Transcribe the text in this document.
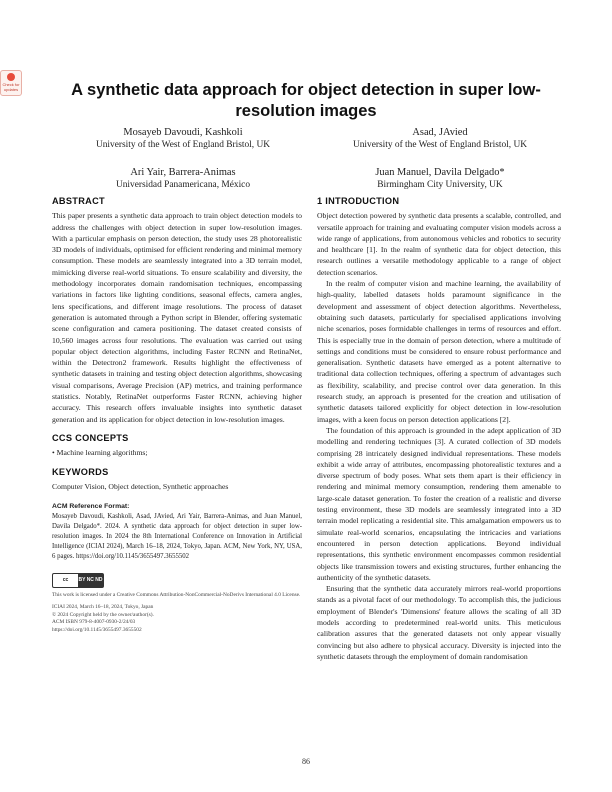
Check for updates	A synthetic data approach for object detection in super low-resolution images
Mosayeb Davoudi, Kashkoli
University of the West of England Bristol, UK
Asad, JAvied
University of the West of England Bristol, UK
Ari Yair, Barrera-Animas
Universidad Panamericana, México
Juan Manuel, Davila Delgado*
Birmingham City University, UK
ABSTRACT

This paper presents a synthetic data approach to train object detection models to address the challenges with object detection in super low-resolution images. With a particular emphasis on person detection, the study uses 28 photorealistic 3D models of individuals, optimised for efficient rendering and minimal memory consumption. These models are seamlessly integrated into a 3D terrain model, mimicking diverse real-world situations. To ensure scalability and diversity, the methodology incorporates domain randomisation techniques, encompassing variations in factors like lighting conditions, seasonal effects, camera angles, lens specifications, and different image resolutions. The process of dataset generation is automated through a Python script in Blender, offering systematic scene configuration and camera positioning. The dataset created consists of 10,560 images across four resolutions. The evaluation was carried out using popular object detection algorithms, including Faster RCNN and RetinaNet, within the Detectron2 framework. Results highlight the effectiveness of synthetic datasets in training and testing object detection algorithms, showcasing visual comparisons, Average Precision (AP) metrics, and training performance statistics. Notably, RetinaNet outperforms Faster RCNN, achieving higher accuracy. This research offers invaluable insights into synthetic dataset generation and its application for object detection in low-resolution images.

CCS CONCEPTS

• Machine learning algorithms;

KEYWORDS

Computer Vision, Object detection, Synthetic approaches

ACM Reference Format:

Mosayeb Davoudi, Kashkoli, Asad, JAvied, Ari Yair, Barrera-Animas, and Juan Manuel, Davila Delgado*. 2024. A synthetic data approach for object detection in super low-resolution images. In 2024 the 8th International Conference on Innovation in Artificial Intelligence (ICIAI 2024), March 16–18, 2024, Tokyo, Japan. ACM, New York, NY, USA, 6 pages. https://doi.org/10.1145/3655497.3655502

cc	BY NC ND

This work is licensed under a Creative Commons Attribution-NonCommercial-NoDerivs International 4.0 License.

ICIAI 2024, March 16–18, 2024, Tokyo, Japan

© 2024 Copyright held by the owner/author(s).

ACM ISBN 979-8-4007-0930-2/24/03

https://doi.org/10.1145/3655497.3655502

1 INTRODUCTION

Object detection powered by synthetic data presents a scalable, controlled, and versatile approach for training and evaluating computer vision models across a wide range of applications, from autonomous vehicles and robotics to security and healthcare [1]. In the realm of synthetic data for object detection, this research outlines a versatile methodology applicable to a range of object detection scenarios.

In the realm of computer vision and machine learning, the availability of high-quality, labelled datasets holds paramount significance in the development and assessment of object detection algorithms. Nevertheless, obtaining such datasets, particularly for specialised applications involving niche scenarios, poses formidable challenges in terms of resources and effort. This is especially true in the domain of person detection, where a multitude of settings and conditions must be considered to ensure robust performance and generalisation. Synthetic datasets have emerged as a potent alternative to traditional data collection techniques, offering a spectrum of advantages such as flexibility, scalability, and precise control over data generation. In this research study, an approach is presented for the creation and utilisation of synthetic datasets tailored explicitly for object detection in low-resolution images, with a keen focus on person detection applications [2].

The foundation of this approach is grounded in the adept application of 3D modelling and rendering techniques [3]. A curated collection of 3D models comprising 28 intricately designed individual representations. These models exhibit a wide array of attributes, encompassing photorealistic textures and a diverse spectrum of body poses. What sets them apart is their efficiency in rendering and minimal memory consumption, rendering them amenable to large-scale dataset generation. To foster the creation of a realistic and diverse testing environment, these 3D models are seamlessly integrated into a 3D terrain model replicating a residential site. This amalgamation empowers us to simulate real-world scenarios, encapsulating the intricacies and variations encountered in person detection applications. Beyond individual representations, this synthetic environment encompasses common residential objects like transmission towers and existing structures, further enhancing the authenticity of the synthetic datasets.

Ensuring that the synthetic data accurately mirrors real-world proportions stands as a pivotal facet of our methodology. To accomplish this, the judicious employment of Blender's 'Dimensions' feature allows the scaling of all 3D models according to predetermined real-world units. This meticulous calibration assures that the generated datasets not only appear visually convincing but also adhere to physical accuracy. Diversity is injected into the synthetic datasets through the employment of domain randomisation

86
